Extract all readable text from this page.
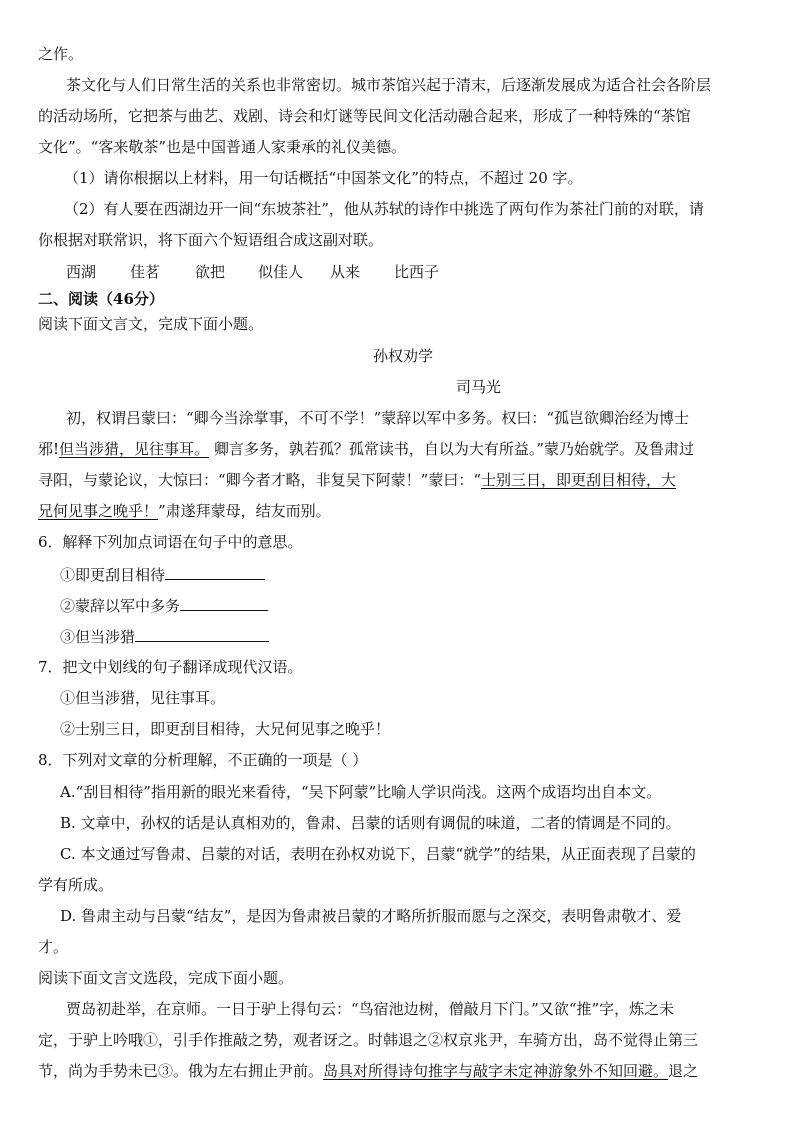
之作。
茶文化与人们日常生活的关系也非常密切。城市茶馆兴起于清末，后逐渐发展成为适合社会各阶层
的活动场所，它把茶与曲艺、戏剧、诗会和灯谜等民间文化活动融合起来，形成了一种特殊的“茶馆
文化”。“客来敬茶”也是中国普通人家秉承的礼仪美德。
（1）请你根据以上材料，用一句话概括“中国茶文化”的特点，不超过 20 字。
（2）有人要在西湖边开一间“东坡茶社”，他从苏轼的诗作中挑选了两句作为茶社门前的对联，请
你根据对联常识，将下面六个短语组合成这副对联。
西湖 佳茗 欲把 似佳人 从来 比西子
二、阅读（46分）
阅读下面文言文，完成下面小题。
孙权劝学
司马光
初，权谓吕蒙曰：“卿今当涂掌事，不可不学！”蒙辞以军中多务。权曰：“孤岂欲卿治经为博士
邪!但当涉猎，见往事耳。 卿言多务，孰若孤？孤常读书，自以为大有所益。”蒙乃始就学。及鲁肃过
寻阳，与蒙论议，大惊曰：“卿今者才略，非复吴下阿蒙！”蒙曰：“士别三日，即更刮目相待，大
兄何见事之晚乎！”肃遂拜蒙母，结友而别。
6．解释下列加点词语在句子中的意思。
①即更刮目相待
②蒙辞以军中多务
③但当涉猎
7．把文中划线的句子翻译成现代汉语。
①但当涉猎，见往事耳。
②士别三日，即更刮目相待，大兄何见事之晚乎！
8．下列对文章的分析理解，不正确的一项是（ ）
A.“刮目相待”指用新的眼光来看待，“吴下阿蒙”比喻人学识尚浅。这两个成语均出自本文。
B. 文章中，孙权的话是认真相劝的，鲁肃、吕蒙的话则有调侃的味道，二者的情调是不同的。
C. 本文通过写鲁肃、吕蒙的对话，表明在孙权劝说下，吕蒙“就学”的结果，从正面表现了吕蒙的
学有所成。
D. 鲁肃主动与吕蒙“结友”，是因为鲁肃被吕蒙的才略所折服而愿与之深交，表明鲁肃敬才、爱
才。
阅读下面文言文选段，完成下面小题。
贾岛初赴举，在京师。一日于驴上得句云：“鸟宿池边树，僧敲月下门。”又欲“推”字，炼之未
定，于驴上吟哦①，引手作推敲之势，观者讶之。时韩退之②权京兆尹，车骑方出，岛不觉得止第三
节，尚为手势未已③。俄为左右拥止尹前。岛具对所得诗句推字与敲字未定神游象外不知回避。退之
